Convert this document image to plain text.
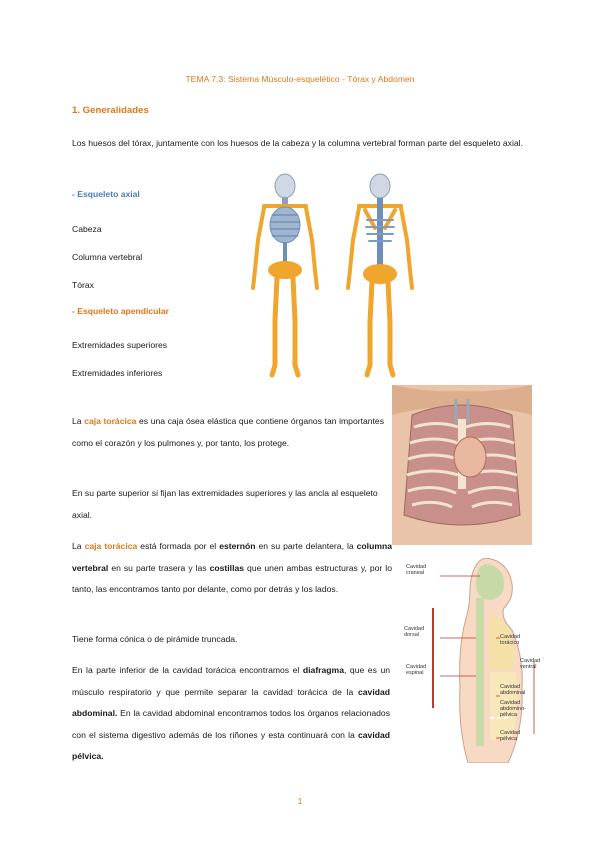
TEMA 7.3: Sistema Músculo-esquelético - Tórax y Abdomen
1. Generalidades
Los huesos del tórax, juntamente con los huesos de la cabeza y la columna vertebral forman parte del esqueleto axial.
- Esqueleto axial
Cabeza
Columna vertebral
Tórax
- Esqueleto apendicular
Extremidades superiores
Extremidades inferiores
Cavidad craneal
Cavidad dorsal
Cavidad espinal
Cavidad torácico
Cavidad ventral
Cavidad abdominal
Cavidad abdomino-pélvica
Cavidad pélvica
La caja torácica es una caja ósea elástica que contiene órganos tan importantes como el corazón y los pulmones y, por tanto, los protege.
En su parte superior si fijan las extremidades superiores y las ancla al esqueleto axial.
La caja torácica está formada por el esternón en su parte delantera, la columna vertebral en su parte trasera y las costillas que unen ambas estructuras y, por lo tanto, las encontramos tanto por delante, como por detrás y los lados.
Tiene forma cónica o de pirámide truncada.
En la parte inferior de la cavidad torácica encontramos el diafragma, que es un músculo respiratorio y que permite separar la cavidad torácica de la cavidad abdominal. En la cavidad abdominal encontramos todos los órganos relacionados con el sistema digestivo además de los riñones y esta continuará con la cavidad pélvica.
1
